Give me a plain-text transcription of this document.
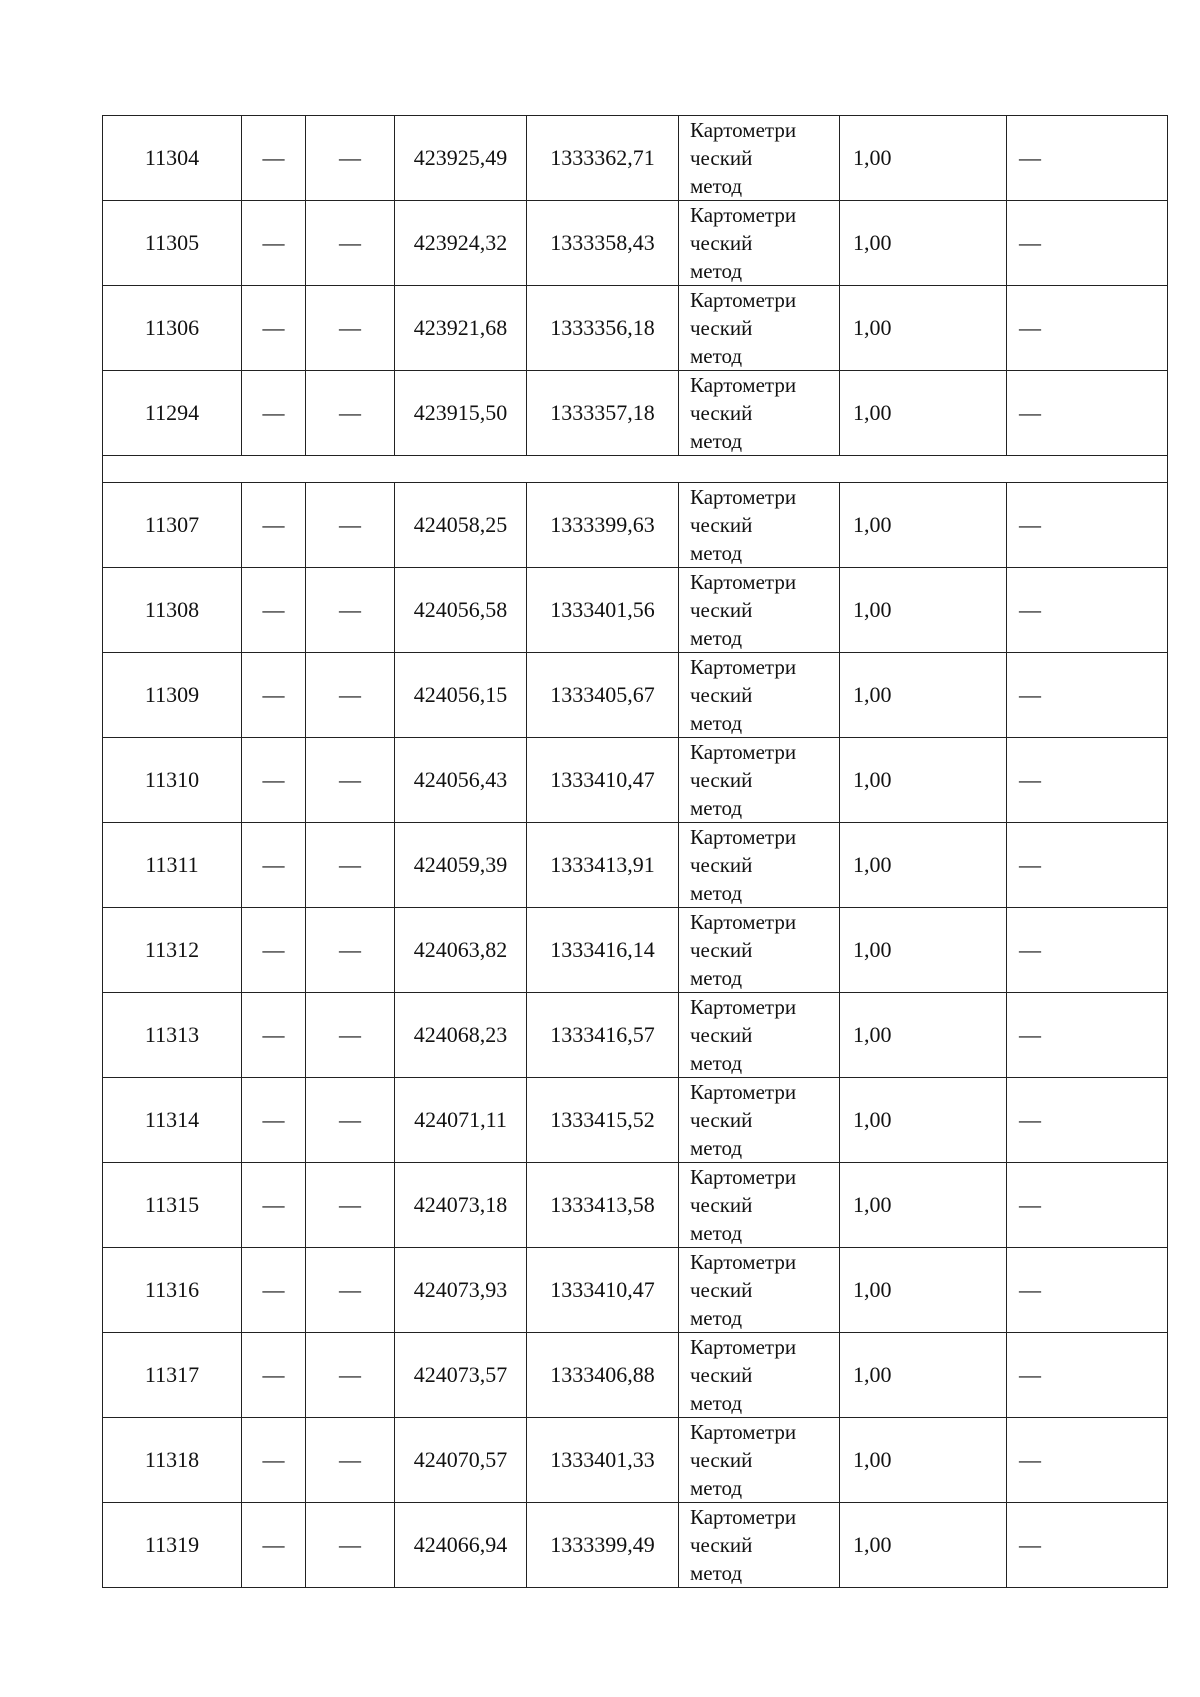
11304	—	—	423925,49	1333362,71	Картометри
ческий
метод	1,00	—
11305	—	—	423924,32	1333358,43	Картометри
ческий
метод	1,00	—
11306	—	—	423921,68	1333356,18	Картометри
ческий
метод	1,00	—
11294	—	—	423915,50	1333357,18	Картометри
ческий
метод	1,00	—

11307	—	—	424058,25	1333399,63	Картометри
ческий
метод	1,00	—
11308	—	—	424056,58	1333401,56	Картометри
ческий
метод	1,00	—
11309	—	—	424056,15	1333405,67	Картометри
ческий
метод	1,00	—
11310	—	—	424056,43	1333410,47	Картометри
ческий
метод	1,00	—
11311	—	—	424059,39	1333413,91	Картометри
ческий
метод	1,00	—
11312	—	—	424063,82	1333416,14	Картометри
ческий
метод	1,00	—
11313	—	—	424068,23	1333416,57	Картометри
ческий
метод	1,00	—
11314	—	—	424071,11	1333415,52	Картометри
ческий
метод	1,00	—
11315	—	—	424073,18	1333413,58	Картометри
ческий
метод	1,00	—
11316	—	—	424073,93	1333410,47	Картометри
ческий
метод	1,00	—
11317	—	—	424073,57	1333406,88	Картометри
ческий
метод	1,00	—
11318	—	—	424070,57	1333401,33	Картометри
ческий
метод	1,00	—
11319	—	—	424066,94	1333399,49	Картометри
ческий
метод	1,00	—
